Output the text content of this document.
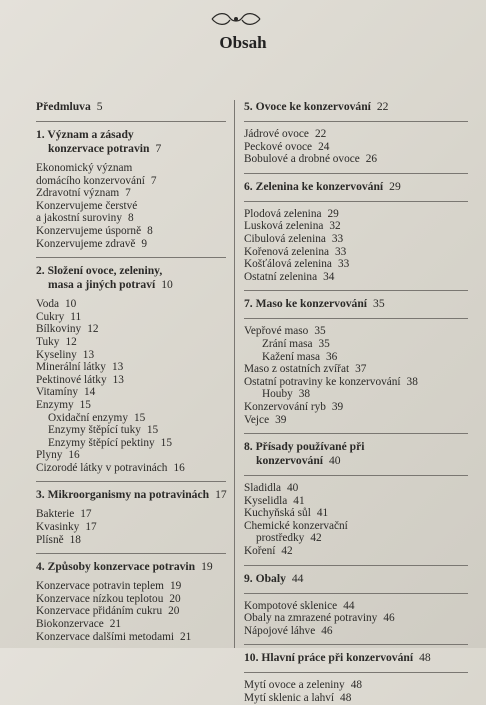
Obsah
Předmluva 5
1. Význam a zásady
konzervace potravin 7
Ekonomický význam
domácího konzervování 7
Zdravotní význam 7
Konzervujeme čerstvé
a jakostní suroviny 8
Konzervujeme úsporně 8
Konzervujeme zdravě 9
2. Složení ovoce, zeleniny,
masa a jiných potraví 10
Voda 10
Cukry 11
Bílkoviny 12
Tuky 12
Kyseliny 13
Minerální látky 13
Pektinové látky 13
Vitamíny 14
Enzymy 15
Oxidační enzymy 15
Enzymy štěpící tuky 15
Enzymy štěpící pektiny 15
Plyny 16
Cizorodé látky v potravinách 16
3. Mikroorganismy na potravinách 17
Bakterie 17
Kvasinky 17
Plísně 18
4. Způsoby konzervace potravin 19
Konzervace potravin teplem 19
Konzervace nízkou teplotou 20
Konzervace přidáním cukru 20
Biokonzervace 21
Konzervace dalšími metodami 21
5. Ovoce ke konzervování 22
Jádrové ovoce 22
Peckové ovoce 24
Bobulové a drobné ovoce 26
6. Zelenina ke konzervování 29
Plodová zelenina 29
Lusková zelenina 32
Cibulová zelenina 33
Kořenová zelenina 33
Košťálová zelenina 33
Ostatní zelenina 34
7. Maso ke konzervování 35
Vepřové maso 35
Zrání masa 35
Kažení masa 36
Maso z ostatních zvířat 37
Ostatní potraviny ke konzervování 38
Houby 38
Konzervování ryb 39
Vejce 39
8. Přísady používané při
konzervování 40
Sladidla 40
Kyselidla 41
Kuchyňská sůl 41
Chemické konzervační
prostředky 42
Koření 42
9. Obaly 44
Kompotové sklenice 44
Obaly na zmrazené potraviny 46
Nápojové láhve 46
10. Hlavní práce při konzervování 48
Mytí ovoce a zeleniny 48
Mytí sklenic a lahví 48
